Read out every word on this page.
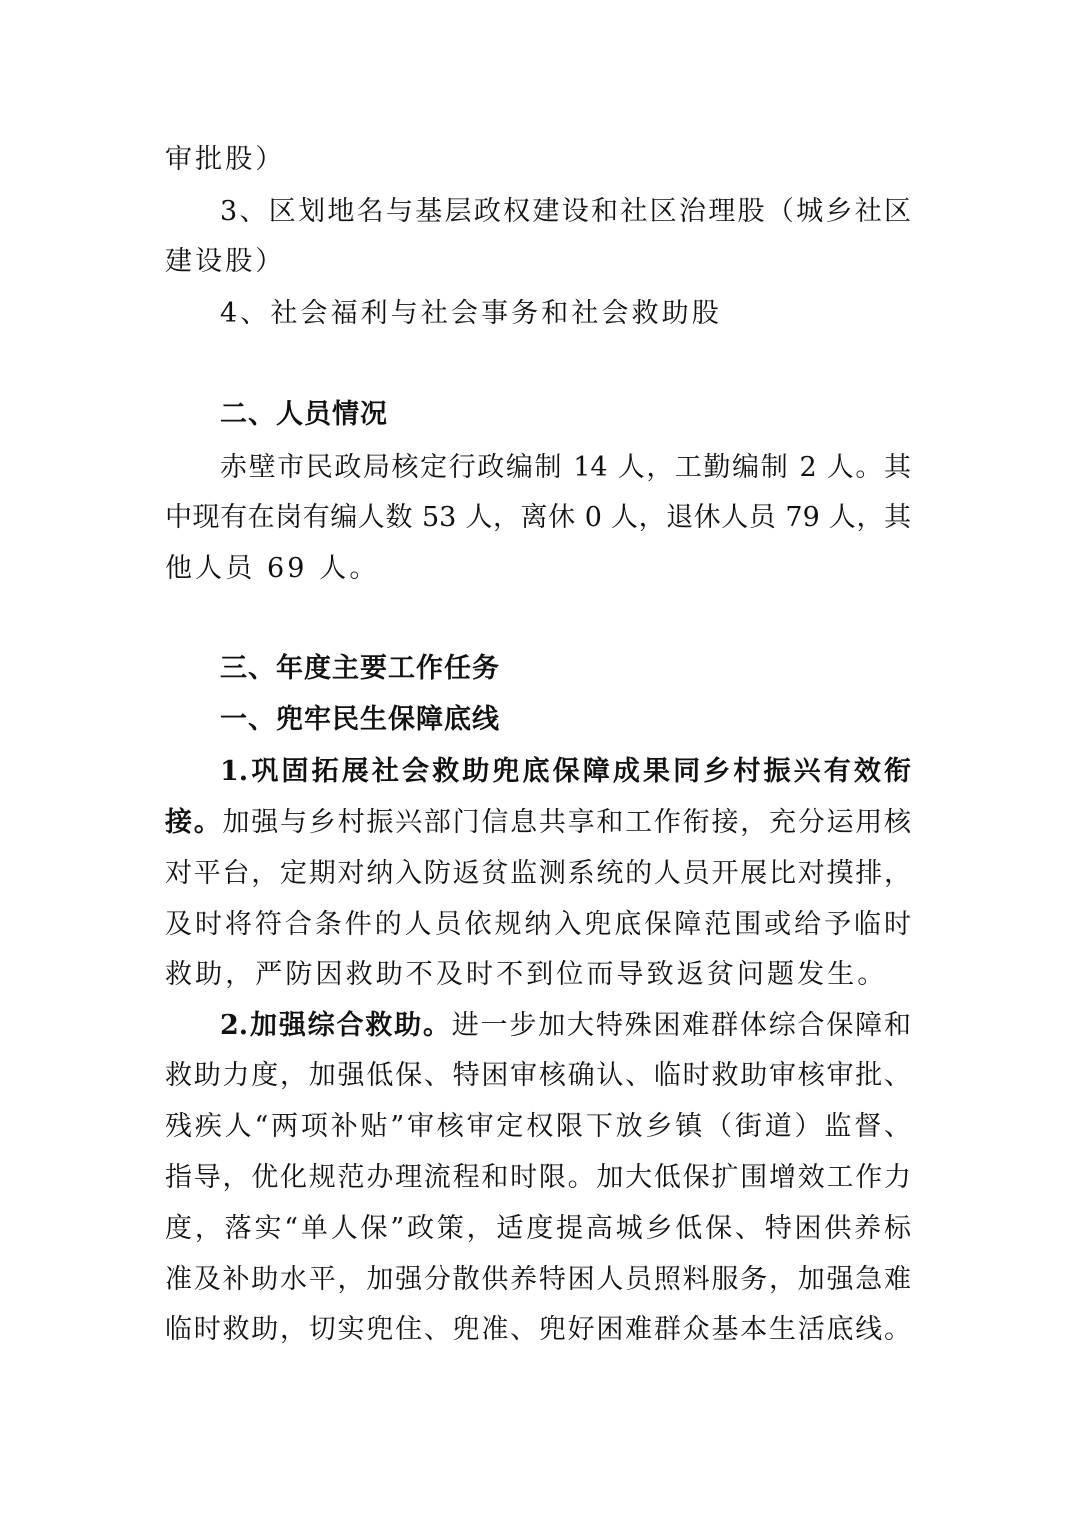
审批股）
3、区划地名与基层政权建设和社区治理股（城乡社区
建设股）
4、社会福利与社会事务和社会救助股
二、人员情况
赤壁市民政局核定行政编制 14 人，工勤编制 2 人。其
中现有在岗有编人数 53 人，离休 0 人，退休人员 79 人，其
他人员 69 人。
三、年度主要工作任务
一、兜牢民生保障底线
1.巩固拓展社会救助兜底保障成果同乡村振兴有效衔
接。加强与乡村振兴部门信息共享和工作衔接，充分运用核
对平台，定期对纳入防返贫监测系统的人员开展比对摸排，
及时将符合条件的人员依规纳入兜底保障范围或给予临时
救助，严防因救助不及时不到位而导致返贫问题发生。
2.加强综合救助。进一步加大特殊困难群体综合保障和
救助力度，加强低保、特困审核确认、临时救助审核审批、
残疾人“两项补贴”审核审定权限下放乡镇（街道）监督、
指导，优化规范办理流程和时限。加大低保扩围增效工作力
度，落实“单人保”政策，适度提高城乡低保、特困供养标
准及补助水平，加强分散供养特困人员照料服务，加强急难
临时救助，切实兜住、兜准、兜好困难群众基本生活底线。
